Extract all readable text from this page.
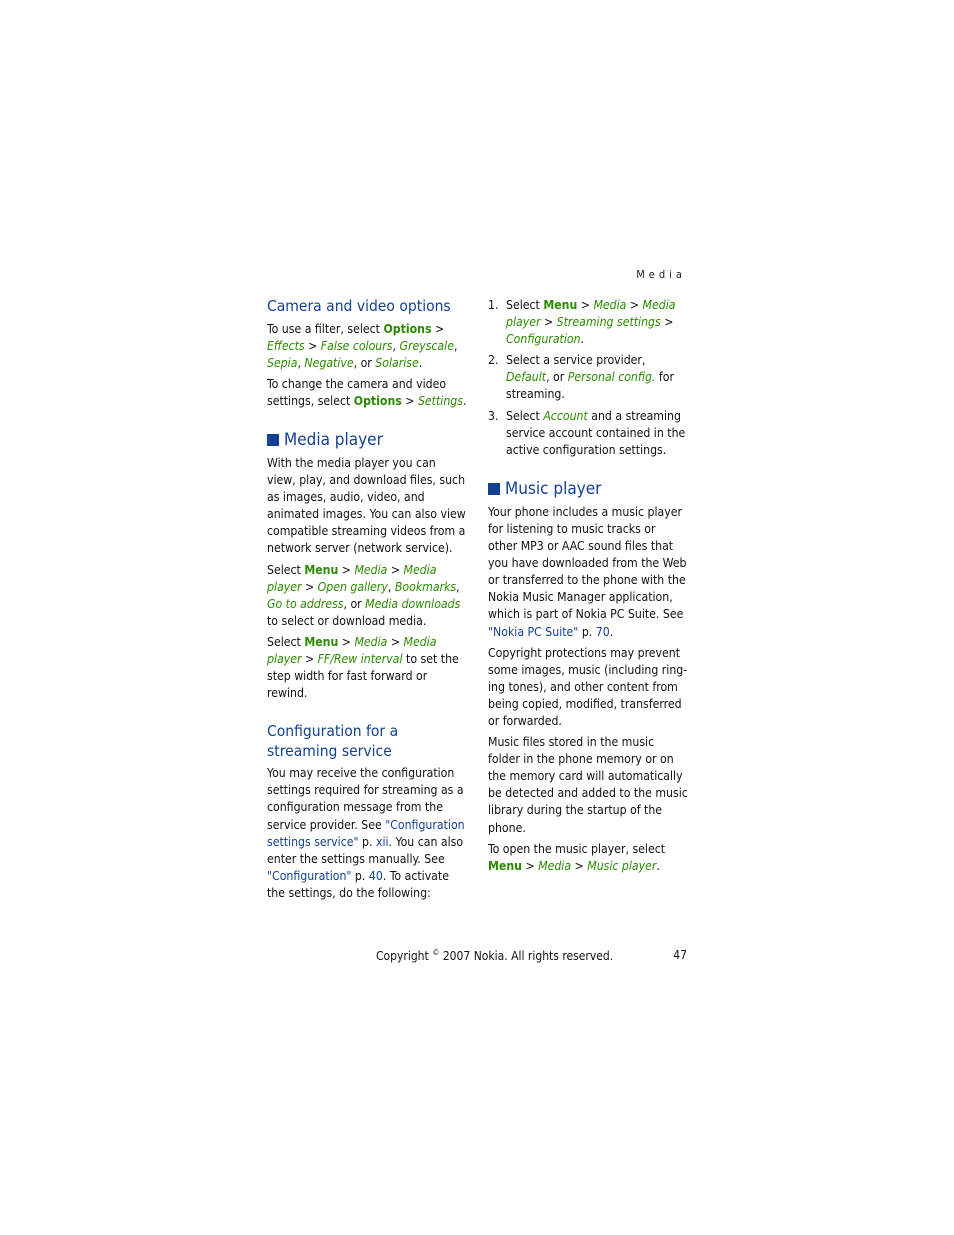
Media
Camera and video options

To use a filter, select Options > Effects > False colours, Greyscale, Sepia, Negative, or Solarise.

To change the camera and video settings, select Options > Settings.

Media player

With the media player you can view, play, and download files, such as images, audio, video, and animated images. You can also view compatible streaming videos from a network server (network service).

Select Menu > Media > Media player > Open gallery, Bookmarks, Go to address, or Media downloads to select or download media.

Select Menu > Media > Media player > FF/Rew interval to set the step width for fast forward or rewind.

Configuration for a streaming service

You may receive the configuration settings required for streaming as a configuration message from the service provider. See "Configuration settings service" p. xii. You can also enter the settings manually. See "Configuration" p. 40. To activate the settings, do the following:

1. Select Menu > Media > Media player > Streaming settings > Configuration.

2. Select a service provider, Default, or Personal config. for streaming.

3. Select Account and a streaming service account contained in the active configuration settings.

Music player

Your phone includes a music player for listening to music tracks or other MP3 or AAC sound files that you have downloaded from the Web or transferred to the phone with the Nokia Music Manager application, which is part of Nokia PC Suite. See "Nokia PC Suite" p. 70.

Copyright protections may prevent some images, music (including ring-ing tones), and other content from being copied, modified, transferred or forwarded.

Music files stored in the music folder in the phone memory or on the memory card will automatically be detected and added to the music library during the startup of the phone.

To open the music player, select Menu > Media > Music player.

Copyright © 2007 Nokia. All rights reserved.	47
